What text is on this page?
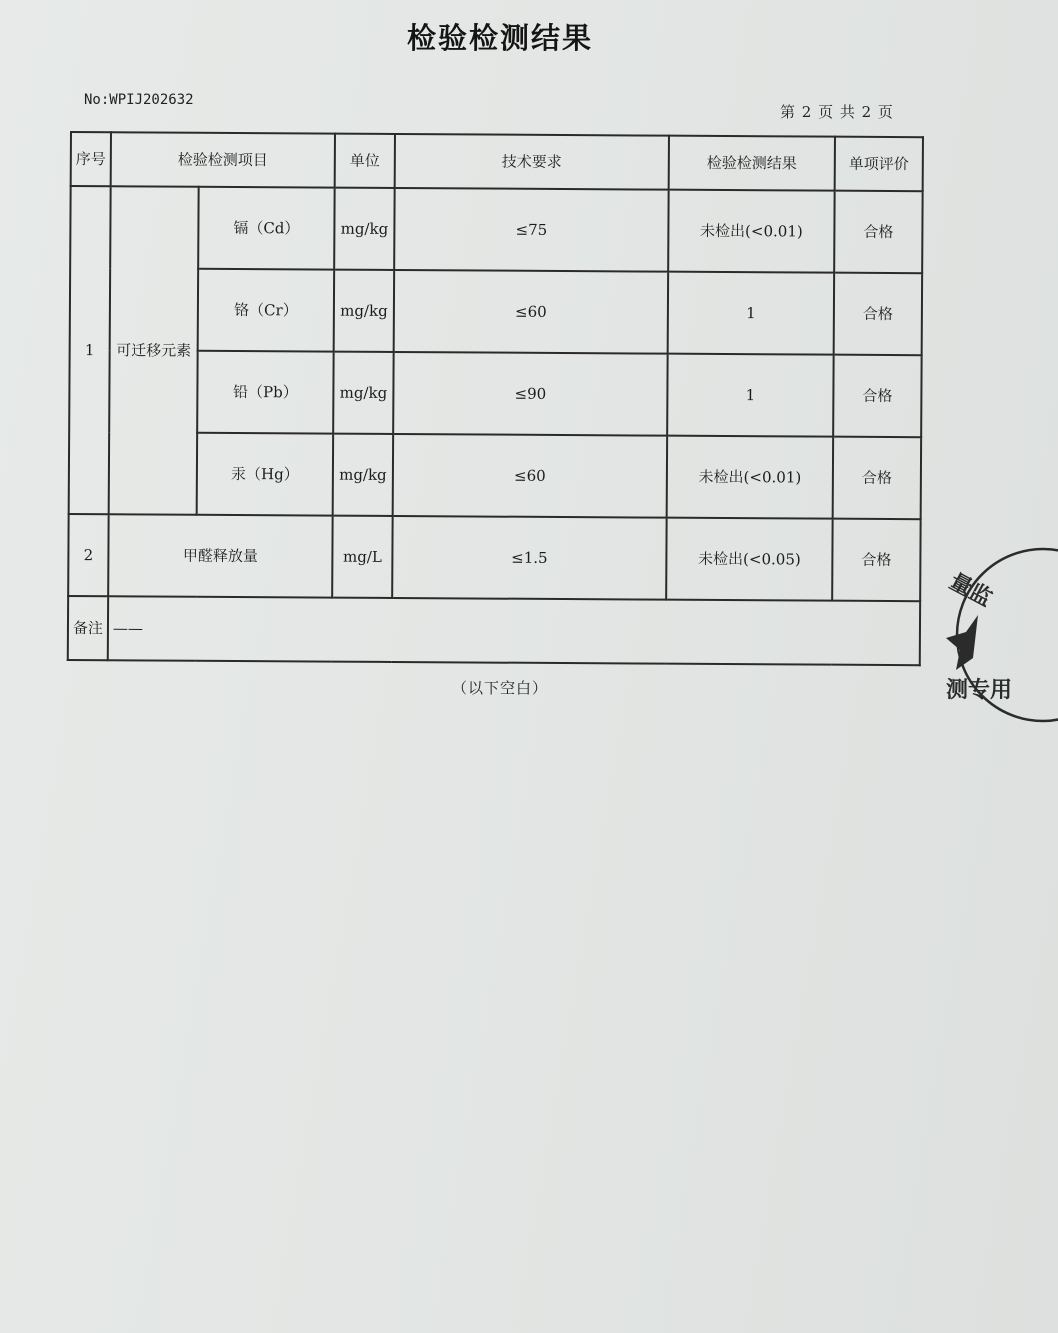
检验检测结果
No:WPIJ202632
第 2 页 共 2 页
序号	检验检测项目		单位	技术要求	检验检测结果	单项评价
1	可迁移元素	镉（Cd）	mg/kg	≤75	未检出(<0.01)	合格
		铬（Cr）	mg/kg	≤60	1	合格
		铅（Pb）	mg/kg	≤90	1	合格
		汞（Hg）	mg/kg	≤60	未检出(<0.01)	合格
2	甲醛释放量		mg/L	≤1.5	未检出(<0.05)	合格
备注	——					
（以下空白）
量监
测专用
